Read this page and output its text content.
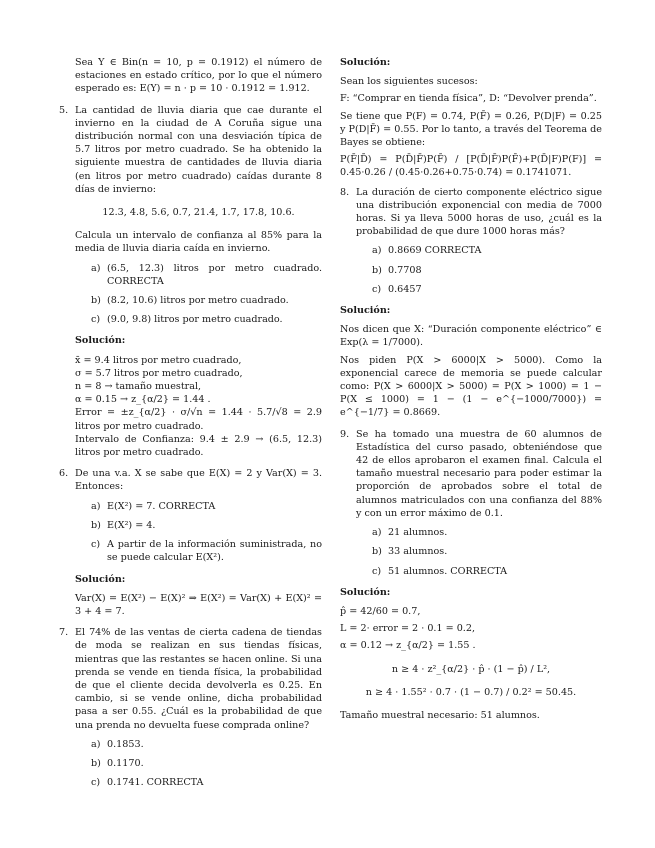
Sea Y ∈ Bin(n = 10, p = 0.1912) el número de estaciones en estado crítico, por lo que el número esperado es: E(Y) = n · p = 10 · 0.1912 = 1.912.

5. La cantidad de lluvia diaria que cae durante el invierno en la ciudad de A Coruña sigue una distribución normal con una desviación típica de 5.7 litros por metro cuadrado. Se ha obtenido la siguiente muestra de cantidades de lluvia diaria (en litros por metro cuadrado) caídas durante 8 días de invierno:

12.3, 4.8, 5.6, 0.7, 21.4, 1.7, 17.8, 10.6.

Calcula un intervalo de confianza al 85% para la media de lluvia diaria caída en invierno.

a) (6.5, 12.3) litros por metro cuadrado. CORRECTA
b) (8.2, 10.6) litros por metro cuadrado.
c) (9.0, 9.8) litros por metro cuadrado.
Solución:

x̄ = 9.4 litros por metro cuadrado,

σ = 5.7 litros por metro cuadrado,

n = 8 → tamaño muestral,

α = 0.15 → z_{α/2} = 1.44 .

Error = ±z_{α/2} · σ/√n = 1.44 · 5.7/√8 = 2.9 litros por metro cuadrado.

Intervalo de Confianza: 9.4 ± 2.9 → (6.5, 12.3) litros por metro cuadrado.

6. De una v.a. X se sabe que E(X) = 2 y Var(X) = 3. Entonces:

a) E(X²) = 7. CORRECTA
b) E(X²) = 4.
c) A partir de la información suministrada, no se puede calcular E(X²).
Solución:

Var(X) = E(X²) − E(X)² ⇒ E(X²) = Var(X) + E(X)² = 3 + 4 = 7.

7. El 74% de las ventas de cierta cadena de tiendas de moda se realizan en sus tiendas físicas, mientras que las restantes se hacen online. Si una prenda se vende en tienda física, la probabilidad de que el cliente decida devolverla es 0.25. En cambio, si se vende online, dicha probabilidad pasa a ser 0.55. ¿Cuál es la probabilidad de que una prenda no devuelta fuese comprada online?

a) 0.1853.
b) 0.1170.
c) 0.1741. CORRECTA
Solución:

Sean los siguientes sucesos:

F: “Comprar en tienda física”, D: “Devolver prenda”.

Se tiene que P(F) = 0.74, P(F̄) = 0.26, P(D|F) = 0.25 y P(D|F̄) = 0.55. Por lo tanto, a través del Teorema de Bayes se obtiene:

P(F̄|D̄) = P(D̄|F̄)P(F̄) / [P(D̄|F̄)P(F̄)+P(D̄|F)P(F)] = 0.45·0.26 / (0.45·0.26+0.75·0.74) = 0.1741071.

8. La duración de cierto componente eléctrico sigue una distribución exponencial con media de 7000 horas. Si ya lleva 5000 horas de uso, ¿cuál es la probabilidad de que dure 1000 horas más?

a) 0.8669 CORRECTA
b) 0.7708
c) 0.6457
Solución:

Nos dicen que X: “Duración componente eléctrico” ∈ Exp(λ = 1/7000).

Nos piden P(X > 6000|X > 5000). Como la exponencial carece de memoria se puede calcular como: P(X > 6000|X > 5000) = P(X > 1000) = 1 − P(X ≤ 1000) = 1 − (1 − e^{−1000/7000}) = e^{−1/7} = 0.8669.

9. Se ha tomado una muestra de 60 alumnos de Estadística del curso pasado, obteniéndose que 42 de ellos aprobaron el examen final. Calcula el tamaño muestral necesario para poder estimar la proporción de aprobados sobre el total de alumnos matriculados con una confianza del 88% y con un error máximo de 0.1.

a) 21 alumnos.
b) 33 alumnos.
c) 51 alumnos. CORRECTA
Solución:

p̂ = 42/60 = 0.7,

L = 2· error = 2 · 0.1 = 0.2,

α = 0.12 → z_{α/2} = 1.55 .

n ≥ 4 · z²_{α/2} · p̂ · (1 − p̂) / L²,

n ≥ 4 · 1.55² · 0.7 · (1 − 0.7) / 0.2² = 50.45.

Tamaño muestral necesario: 51 alumnos.
